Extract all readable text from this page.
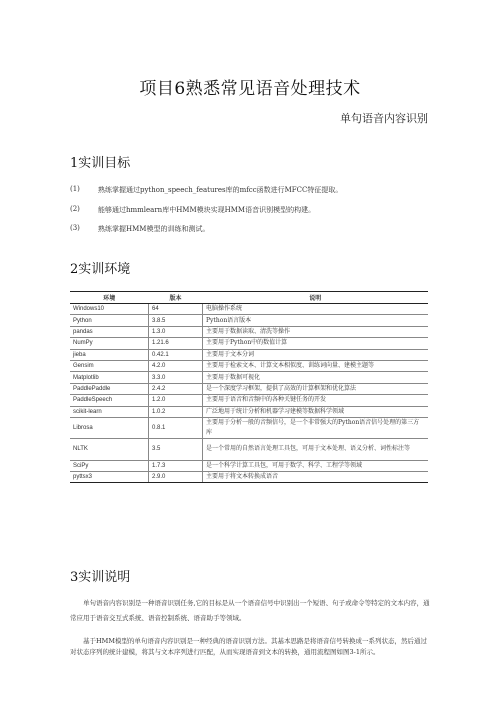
项目6熟悉常见语音处理技术
单句语音内容识别
1实训目标
(1)	熟练掌握通过python_speech_features库的mfcc函数进行MFCC特征提取。
(2)	能够通过hmmlearn库中HMM模块实现HMM语音识别模型的构建。
(3)	熟练掌握HMM模型的训练和测试。
2实训环境
环境	版本	说明
Windows10	64	电脑操作系统
Python	3.8.5	Python语言版本
pandas	1.3.0	主要用于数据读取、清洗等操作
NumPy	1.21.6	主要用于Python中的数值计算
jieba	0.42.1	主要用于文本分词
Gensim	4.2.0	主要用于检索文本、计算文本相似度、训练词向量、建模主题等
Matplotlib	3.3.0	主要用于数据可视化
PaddlePaddle	2.4.2	是一个深度学习框架，提供了高效的计算框架和优化算法
PaddleSpeech	1.2.0	主要用于语音和音频中的各种关键任务的开发
scikit-learn	1.0.2	广泛地用于统计分析和机器学习建模等数据科学领域
Librosa	0.8.1	主要用于分析一般的音频信号，是一个非常强大的Python语音信号处理的第三方库
NLTK	3.5	是一个常用的自然语言处理工具包，可用于文本处理、语义分析、词性标注等
SciPy	1.7.3	是一个科学计算工具包，可用于数学、科学、工程学等领域
pyttsx3	2.9.0	主要用于将文本转换成语音
3实训说明
单句语音内容识别是一种语音识别任务,它的目标是从一个语音信号中识别出一个短语、句子或命令等特定的文本内容，通常应用于语音交互式系统、语音控制系统、语音助手等领域。
基于HMM模型的单句语音内容识别是一种经典的语音识别方法。其基本思路是将语音信号转换成一系列状态，然后通过对状态序列的统计建模，将其与文本序列进行匹配，从而实现语音到文本的转换，通用流程图如图3-1所示。
